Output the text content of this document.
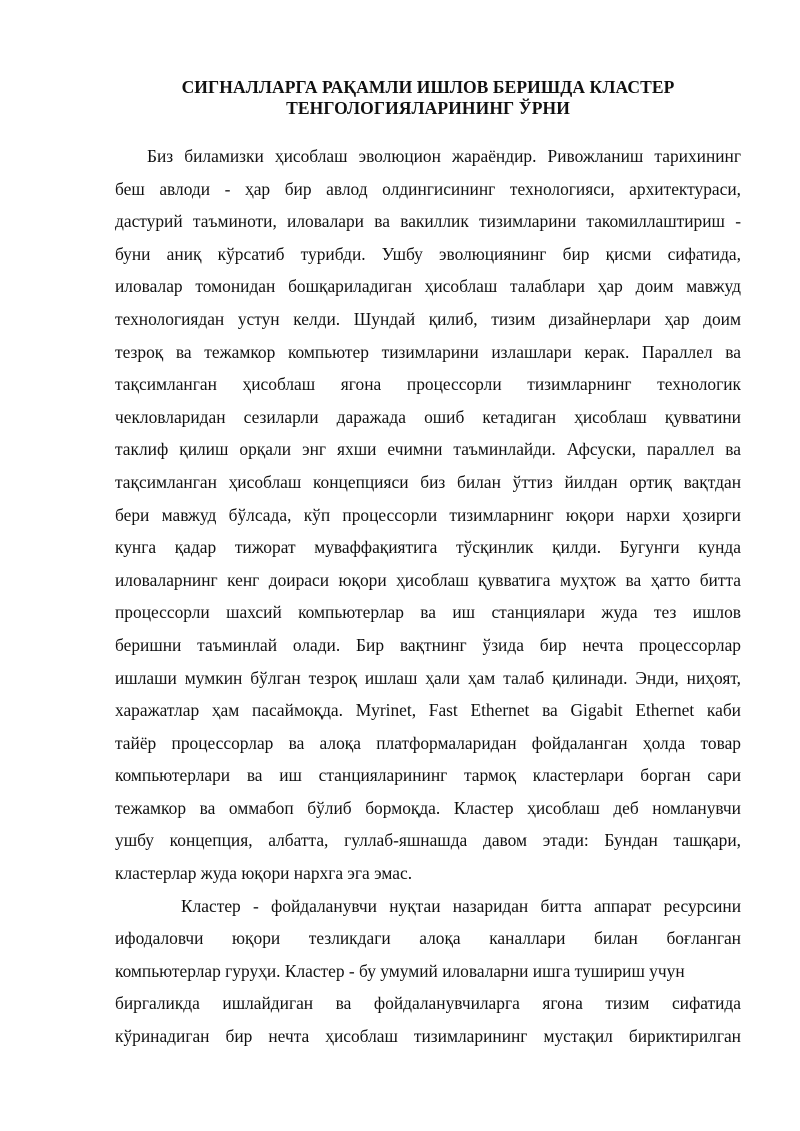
СИГНАЛЛАРГА РАҚАМЛИ ИШЛОВ БЕРИШДА КЛАСТЕР
ТЕНГОЛОГИЯЛАРИНИНГ ЎРНИ
Биз биламизки ҳисоблаш эволюцион жараёндир. Ривожланиш тарихининг
беш авлоди - ҳар бир авлод олдингисининг технологияси, архитектураси,
дастурий таъминоти, иловалари ва вакиллик тизимларини такомиллаштириш -
буни аниқ кўрсатиб турибди. Ушбу эволюциянинг бир қисми сифатида,
иловалар томонидан бошқариладиган ҳисоблаш талаблари ҳар доим мавжуд
технологиядан устун келди. Шундай қилиб, тизим дизайнерлари ҳар доим
тезроқ ва тежамкор компьютер тизимларини излашлари керак. Параллел ва
тақсимланган ҳисоблаш ягона процессорли тизимларнинг технологик
чекловларидан сезиларли даражада ошиб кетадиган ҳисоблаш қувватини
таклиф қилиш орқали энг яхши ечимни таъминлайди. Афсуски, параллел ва
тақсимланган ҳисоблаш концепцияси биз билан ўттиз йилдан ортиқ вақтдан
бери мавжуд бўлсада, кўп процессорли тизимларнинг юқори нархи ҳозирги
кунга қадар тижорат муваффақиятига тўсқинлик қилди. Бугунги кунда
иловаларнинг кенг доираси юқори ҳисоблаш қувватига муҳтож ва ҳатто битта
процессорли шахсий компьютерлар ва иш станциялари жуда тез ишлов
беришни таъминлай олади. Бир вақтнинг ўзида бир нечта процессорлар
ишлаши мумкин бўлган тезроқ ишлаш ҳали ҳам талаб қилинади. Энди, ниҳоят,
харажатлар ҳам пасаймоқда. Myrinet, Fast Ethernet ва Gigabit Ethernet каби
тайёр процессорлар ва алоқа платформаларидан фойдаланган ҳолда товар
компьютерлари ва иш станцияларининг тармоқ кластерлари борган сари
тежамкор ва оммабоп бўлиб бормоқда. Кластер ҳисоблаш деб номланувчи
ушбу концепция, албатта, гуллаб-яшнашда давом этади: Бундан ташқари,
кластерлар жуда юқори нархга эга эмас.
Кластер - фойдаланувчи нуқтаи назаридан битта аппарат ресурсини
ифодаловчи юқори тезликдаги алоқа каналлари билан боғланган
компьютерлар гуруҳи. Кластер - бу умумий иловаларни ишга тушириш учун
биргаликда ишлайдиган ва фойдаланувчиларга ягона тизим сифатида
кўринадиган бир нечта ҳисоблаш тизимларининг мустақил бириктирилган
